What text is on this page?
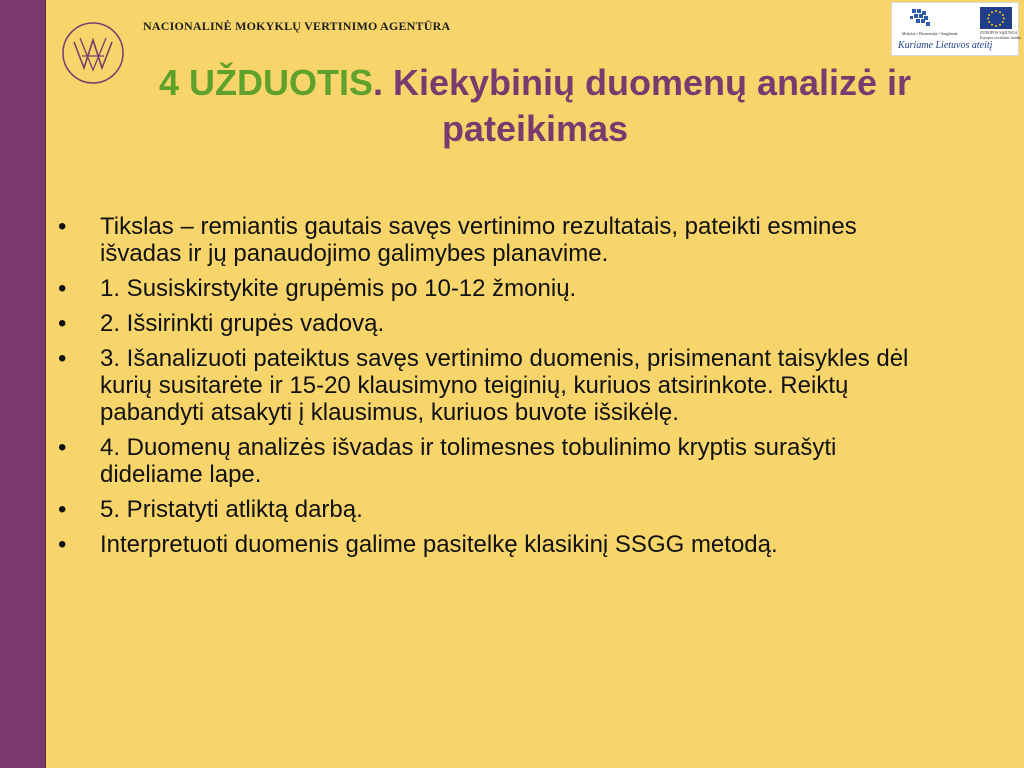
NACIONALINĖ MOKYKLŲ VERTINIMO AGENTŪRA
Mokslas • Ekonomika • Sanglauda	EUROPOS SĄJUNGA
Europos socialinis fondas
Kuriame Lietuvos ateitį
4 UŽDUOTIS. Kiekybinių duomenų analizė ir pateikimas
•	Tikslas – remiantis gautais savęs vertinimo rezultatais, pateikti esmines išvadas ir jų panaudojimo galimybes planavime.
•	1. Susiskirstykite grupėmis po 10-12 žmonių.
•	2. Išsirinkti grupės vadovą.
•	3. Išanalizuoti pateiktus savęs vertinimo duomenis, prisimenant taisykles dėl kurių susitarėte ir 15-20 klausimyno teiginių, kuriuos atsirinkote. Reiktų pabandyti atsakyti į klausimus, kuriuos buvote išsikėlę.
•	4. Duomenų analizės išvadas ir tolimesnes tobulinimo kryptis surašyti dideliame lape.
•	5. Pristatyti atliktą darbą.
•	Interpretuoti duomenis galime pasitelkę klasikinį SSGG metodą.
